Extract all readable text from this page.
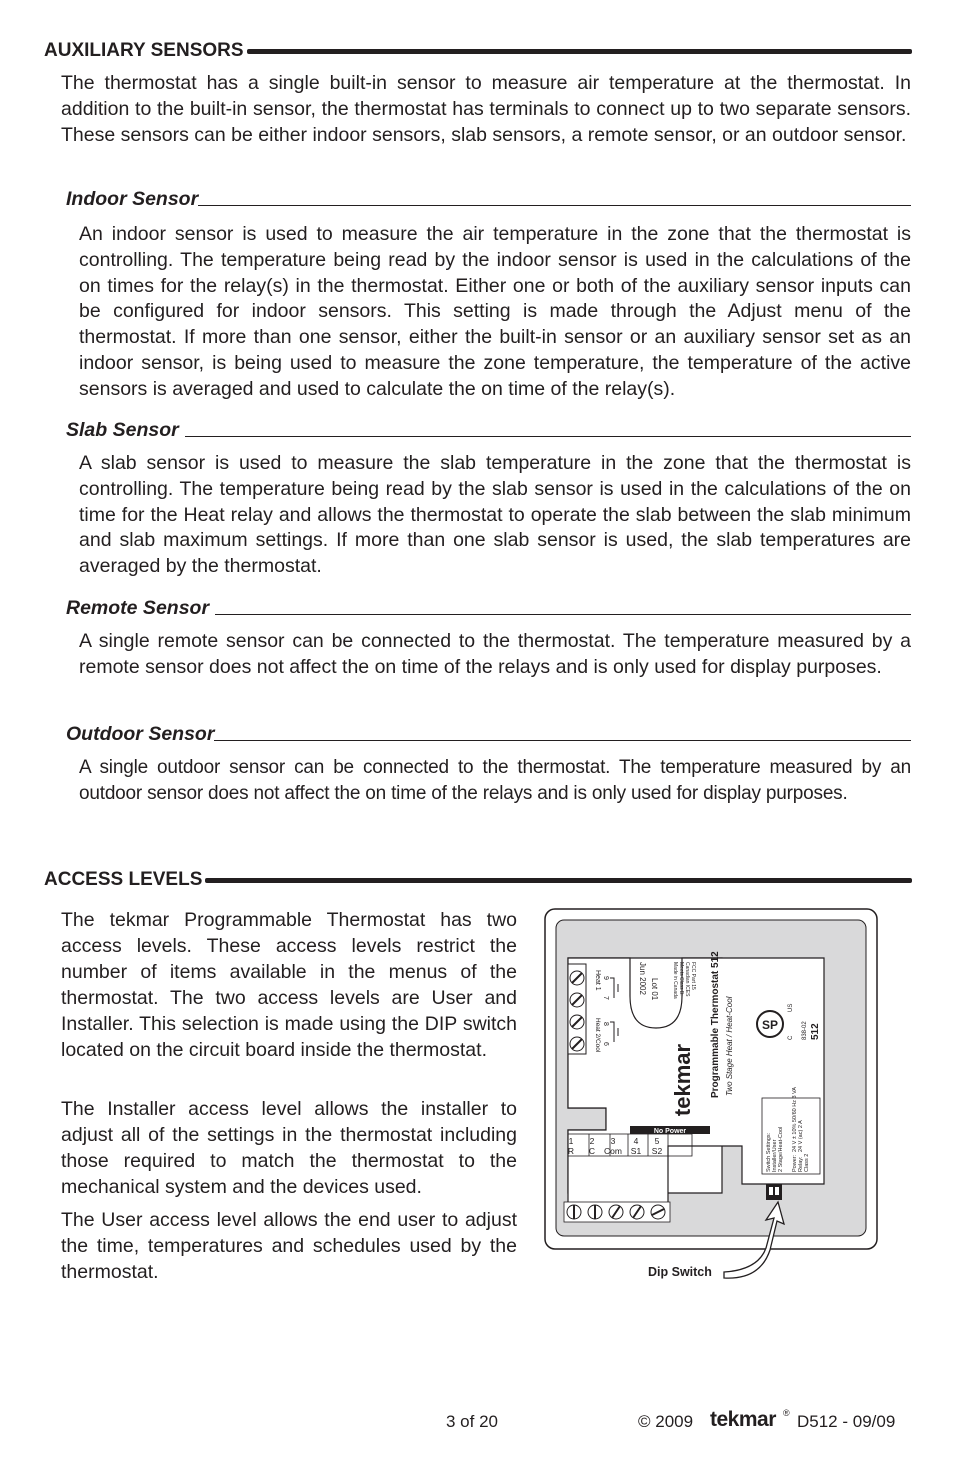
AUXILIARY SENSORS

The thermostat has a single built-in sensor to measure air temperature at the thermostat. In addition to the built-in sensor, the thermostat has terminals to connect up to two separate sensors. These sensors can be either indoor sensors, slab sensors, a remote sensor, or an outdoor sensor.

Indoor Sensor

An indoor sensor is used to measure the air temperature in the zone that the thermostat is controlling. The temperature being read by the indoor sensor is used in the calculations of the on times for the relay(s) in the thermostat. Either one or both of the auxiliary sensor inputs can be configured for indoor sensors. This setting is made through the Adjust menu of the thermostat. If more than one sensor, either the built-in sensor or an auxiliary sensor set as an indoor sensor, is being used to measure the zone temperature, the temperature of the active sensors is averaged and used to calculate the on time of the relay(s).

Slab Sensor

A slab sensor is used to measure the slab temperature in the zone that the thermostat is controlling. The temperature being read by the slab sensor is used in the calculations of the on time for the Heat relay and allows the thermostat to operate the slab between the slab minimum and slab maximum settings. If more than one slab sensor is used, the slab temperatures are averaged by the thermostat.

Remote Sensor

A single remote sensor can be connected to the thermostat. The temperature measured by a remote sensor does not affect the on time of the relays and is only used for display purposes.

Outdoor Sensor

A single outdoor sensor can be connected to the thermostat. The temperature measured by an outdoor sensor does not affect the on time of the relays and is only used for display purposes.

ACCESS LEVELS

The tekmar Programmable Thermostat has two access levels. These access levels restrict the number of items available in the menus of the thermostat. The two access levels are User and Installer. This selection is made using the DIP switch located on the circuit board inside the thermostat.

The Installer access level allows the installer to adjust all of the settings in the thermostat including those required to match the thermostat to the mechanical system and the devices used.

The User access level allows the end user to adjust the time, temperatures and schedules used by the thermostat.

Heat 1
Heat 2/Cool
9
7
8
6
Jun 2002 Lot 01	Made in Canada Meets Class B: Canadian ICES FCC Part 15
tekmar Programmable Thermostat 512 Two Stage Heat / Heat-Cool SP
C
US
838-02 512
Switch Settings: Installer/User 2 Stage/Heat-Cool Power: Relay: Class 2
24 V ± 10% 50/60 Hz 3 VA 24 V (ac) 2 A
No Power
1
R
2
C
3
Com
4
S1
5
S2
Dip Switch
3 of 20	© 2009 tekmar ® D512 - 09/09
